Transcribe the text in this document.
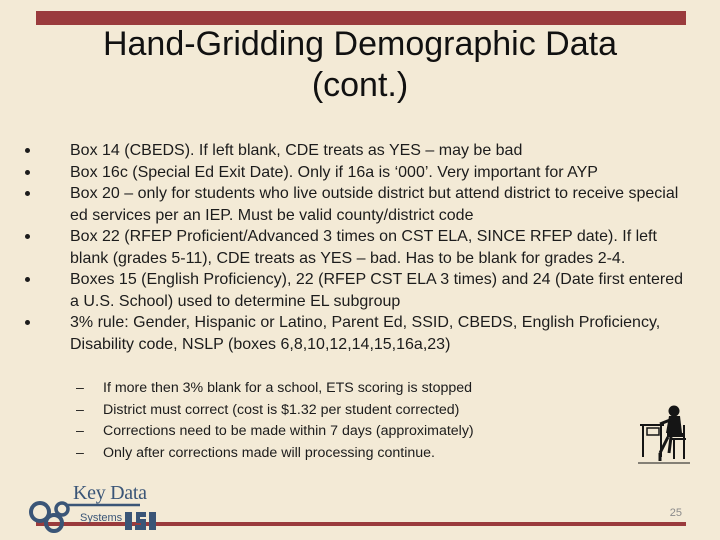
Hand-Gridding Demographic Data
(cont.)
Box 14 (CBEDS). If left blank, CDE treats as YES – may be bad
Box 16c (Special Ed Exit Date). Only if 16a is ‘000’. Very important for AYP
Box 20 – only for students who live outside district but attend district to receive special ed services per an IEP. Must be valid county/district code
Box 22 (RFEP Proficient/Advanced 3 times on CST ELA, SINCE RFEP date). If left blank (grades 5-11), CDE treats as YES – bad. Has to be blank for grades 2-4.
Boxes 15 (English Proficiency), 22 (RFEP CST ELA 3 times) and 24 (Date first entered a U.S. School) used to determine EL subgroup
3% rule: Gender, Hispanic or Latino, Parent Ed, SSID, CBEDS, English Proficiency, Disability code, NSLP (boxes 6,8,10,12,14,15,16a,23)
–	If more then 3% blank for a school, ETS scoring is stopped
–	District must correct (cost is $1.32 per student corrected)
–	Corrections need to be made within 7 days (approximately)
–	Only after corrections made will processing continue.
Key Data
Systems	25
